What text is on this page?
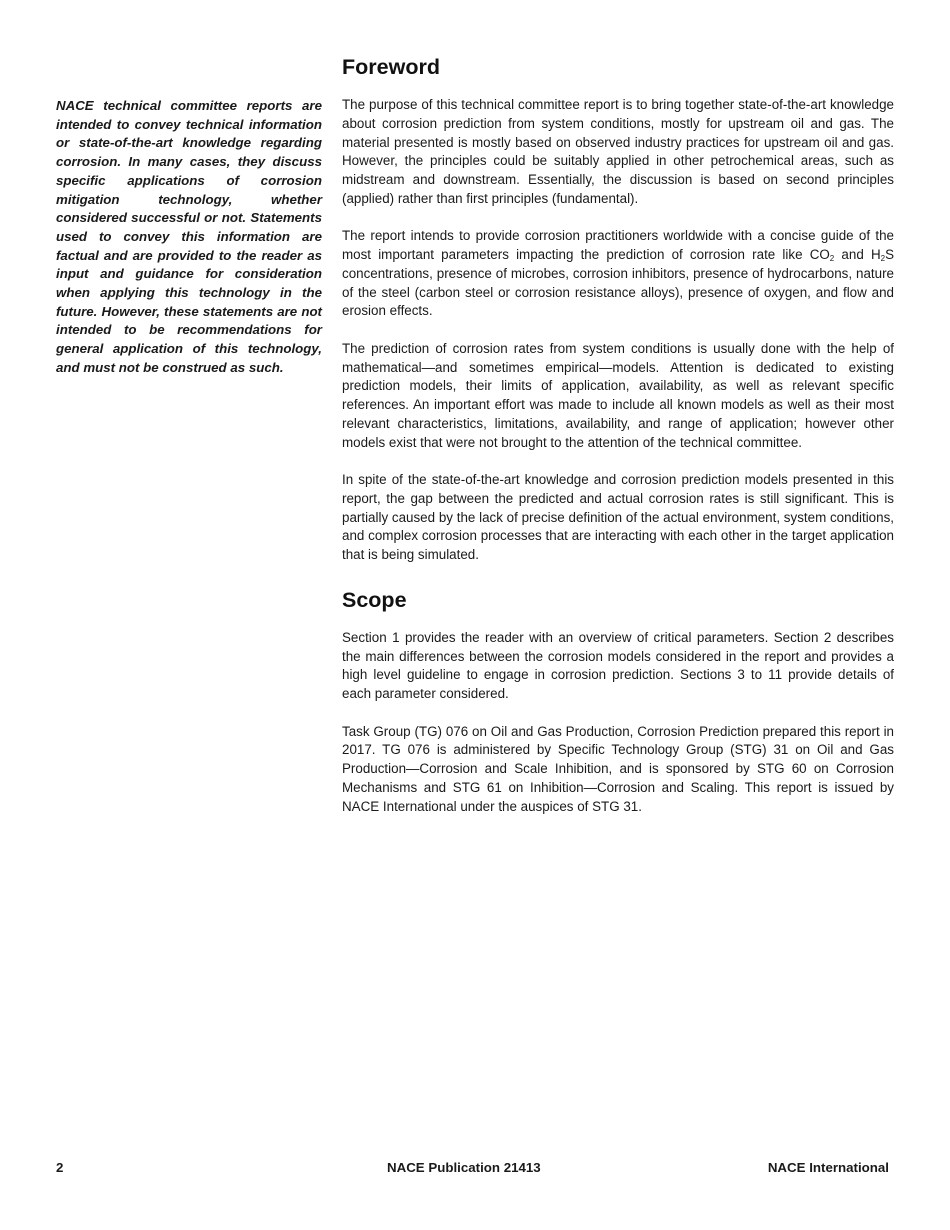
NACE technical committee reports are intended to convey technical information or state-of-the-art knowledge regarding corrosion. In many cases, they discuss specific applications of corrosion mitigation technology, whether considered successful or not. Statements used to convey this information are factual and are provided to the reader as input and guidance for consideration when applying this technology in the future. However, these statements are not intended to be recommendations for general application of this technology, and must not be construed as such.

Foreword

The purpose of this technical committee report is to bring together state-of-the-art knowledge about corrosion prediction from system conditions, mostly for upstream oil and gas. The material presented is mostly based on observed industry practices for upstream oil and gas. However, the principles could be suitably applied in other petrochemical areas, such as midstream and downstream. Essentially, the discussion is based on second principles (applied) rather than first principles (fundamental).

The report intends to provide corrosion practitioners worldwide with a concise guide of the most important parameters impacting the prediction of corrosion rate like $CO_2$ and $H_2S$ concentrations, presence of microbes, corrosion inhibitors, presence of hydrocarbons, nature of the steel (carbon steel or corrosion resistance alloys), presence of oxygen, and flow and erosion effects.

The prediction of corrosion rates from system conditions is usually done with the help of mathematical—and sometimes empirical—models. Attention is dedicated to existing prediction models, their limits of application, availability, as well as relevant specific references. An important effort was made to include all known models as well as their most relevant characteristics, limitations, availability, and range of application; however other models exist that were not brought to the attention of the technical committee.

In spite of the state-of-the-art knowledge and corrosion prediction models presented in this report, the gap between the predicted and actual corrosion rates is still significant. This is partially caused by the lack of precise definition of the actual environment, system conditions, and complex corrosion processes that are interacting with each other in the target application that is being simulated.

Scope

Section 1 provides the reader with an overview of critical parameters. Section 2 describes the main differences between the corrosion models considered in the report and provides a high level guideline to engage in corrosion prediction. Sections 3 to 11 provide details of each parameter considered.

Task Group (TG) 076 on Oil and Gas Production, Corrosion Prediction prepared this report in 2017. TG 076 is administered by Specific Technology Group (STG) 31 on Oil and Gas Production—Corrosion and Scale Inhibition, and is sponsored by STG 60 on Corrosion Mechanisms and STG 61 on Inhibition—Corrosion and Scaling. This report is issued by NACE International under the auspices of STG 31.

2	NACE Publication 21413	NACE International
